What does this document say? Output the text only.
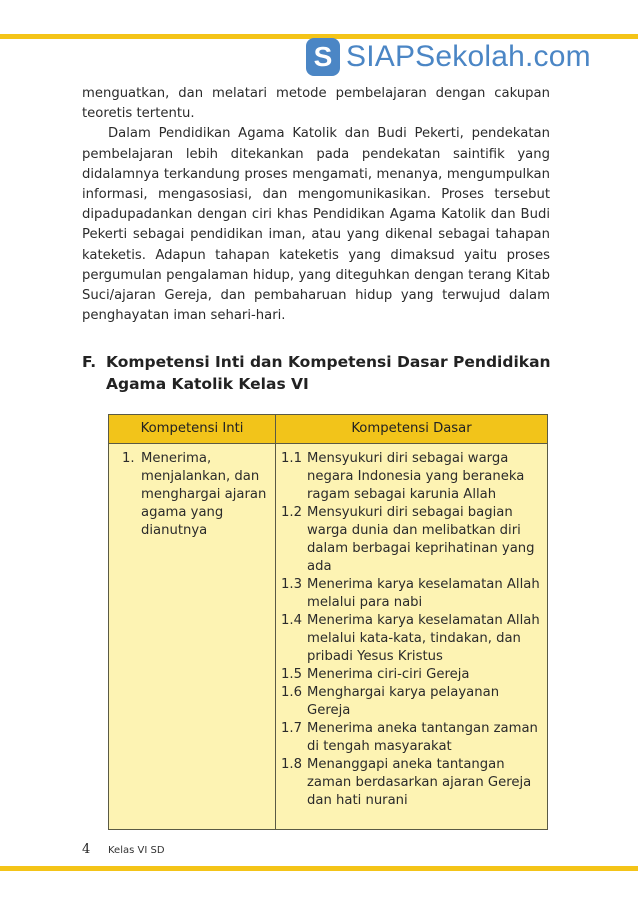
S SIAPSekolah.com

menguatkan, dan melatari metode pembelajaran dengan cakupan teoretis tertentu.

Dalam Pendidikan Agama Katolik dan Budi Pekerti, pendekatan pembelajaran lebih ditekankan pada pendekatan saintifik yang didalamnya terkandung proses mengamati, menanya, mengumpulkan informasi, mengasosiasi, dan mengomunikasikan. Proses tersebut dipadupadankan dengan ciri khas Pendidikan Agama Katolik dan Budi Pekerti sebagai pendidikan iman, atau yang dikenal sebagai tahapan kateketis. Adapun tahapan kateketis yang dimaksud yaitu proses pergumulan pengalaman hidup, yang diteguhkan dengan terang Kitab Suci/ajaran Gereja, dan pembaharuan hidup yang terwujud dalam penghayatan iman sehari-hari.

F. Kompetensi Inti dan Kompetensi Dasar Pendidikan Agama Katolik Kelas VI
Kompetensi Inti	Kompetensi Dasar
1. Menerima, menjalankan, dan menghargai ajaran agama yang dianutnya
1.1 Mensyukuri diri sebagai warga negara Indonesia yang beraneka ragam sebagai karunia Allah
1.2 Mensyukuri diri sebagai bagian warga dunia dan melibatkan diri dalam berbagai keprihatinan yang ada
1.3 Menerima karya keselamatan Allah melalui para nabi
1.4 Menerima karya keselamatan Allah melalui kata-kata, tindakan, dan pribadi Yesus Kristus
1.5 Menerima ciri-ciri Gereja
1.6 Menghargai karya pelayanan Gereja
1.7 Menerima aneka tantangan zaman di tengah masyarakat
1.8 Menanggapi aneka tantangan zaman berdasarkan ajaran Gereja dan hati nurani
4	Kelas VI SD
